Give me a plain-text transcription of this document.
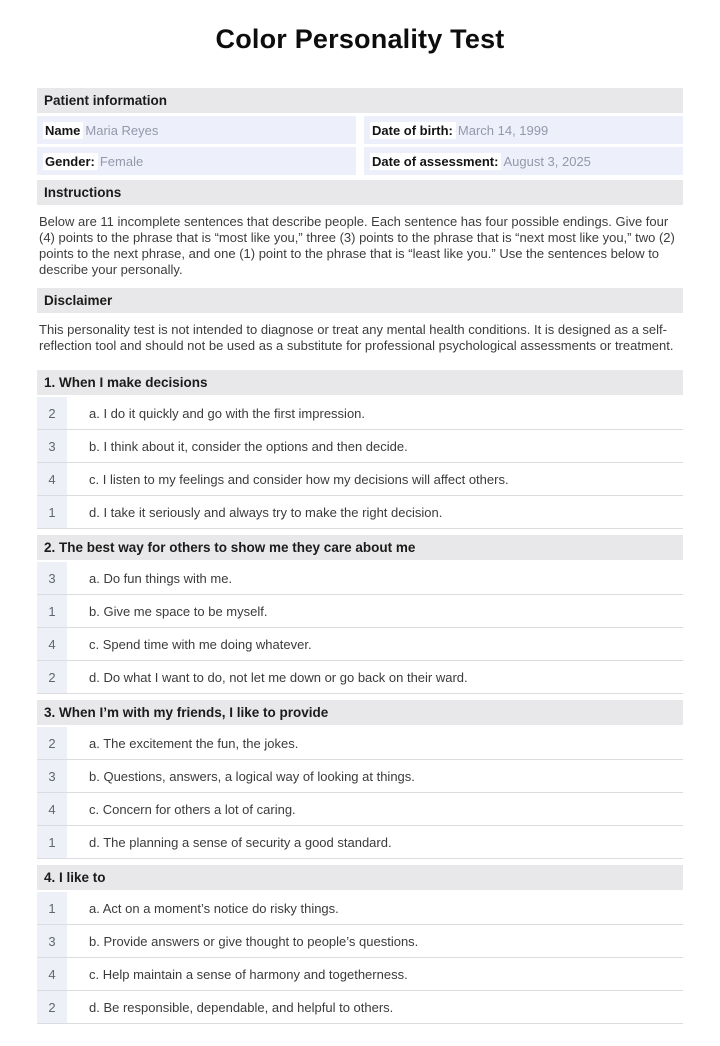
Color Personality Test
Patient information
Name Maria Reyes	Date of birth: March 14, 1999
Gender: Female	Date of assessment: August 3, 2025
Instructions

Below are 11 incomplete sentences that describe people. Each sentence has four possible endings. Give four (4) points to the phrase that is “most like you,” three (3) points to the phrase that is “next most like you,” two (2) points to the next phrase, and one (1) point to the phrase that is “least like you.” Use the sentences below to describe your personally.

Disclaimer

This personality test is not intended to diagnose or treat any mental health conditions. It is designed as a self-reflection tool and should not be used as a substitute for professional psychological assessments or treatment.

1. When I make decisions
2	a. I do it quickly and go with the first impression.
3	b. I think about it, consider the options and then decide.
4	c. I listen to my feelings and consider how my decisions will affect others.
1	d. I take it seriously and always try to make the right decision.
2. The best way for others to show me they care about me
3	a. Do fun things with me.
1	b. Give me space to be myself.
4	c. Spend time with me doing whatever.
2	d. Do what I want to do, not let me down or go back on their ward.
3. When I’m with my friends, I like to provide
2	a. The excitement the fun, the jokes.
3	b. Questions, answers, a logical way of looking at things.
4	c. Concern for others a lot of caring.
1	d. The planning a sense of security a good standard.
4. I like to
1	a. Act on a moment’s notice do risky things.
3	b. Provide answers or give thought to people’s questions.
4	c. Help maintain a sense of harmony and togetherness.
2	d. Be responsible, dependable, and helpful to others.
